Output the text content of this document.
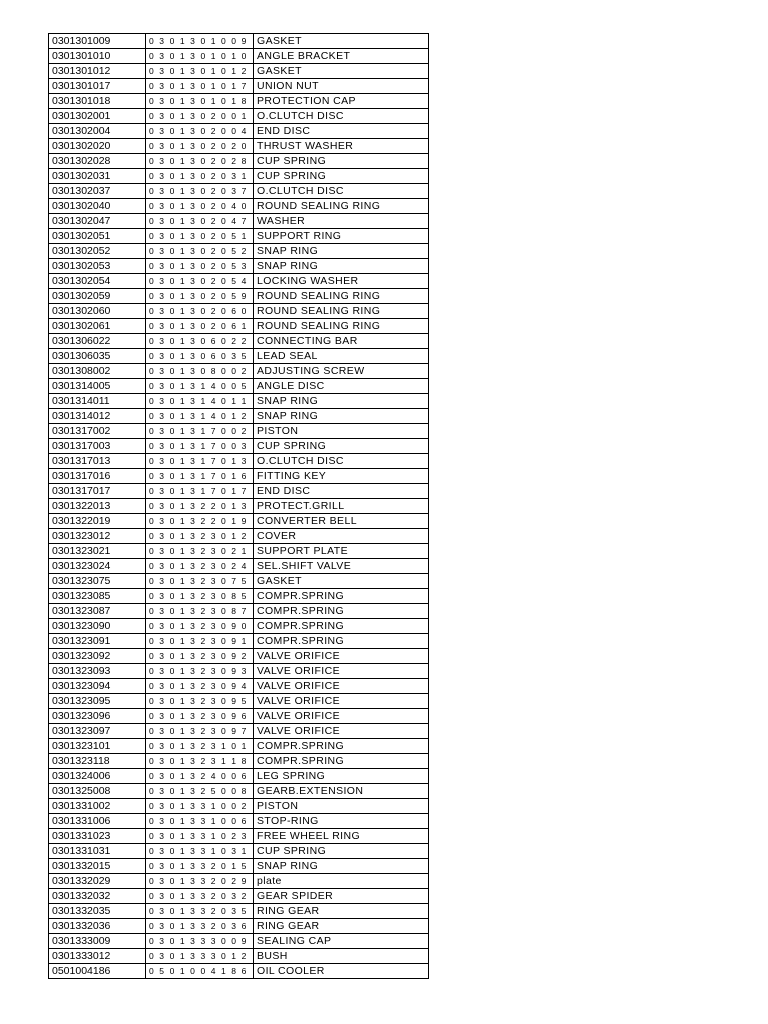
0301301009	0 3 0 1 3 0 1 0 0 9	GASKET
0301301010	0 3 0 1 3 0 1 0 1 0	ANGLE BRACKET
0301301012	0 3 0 1 3 0 1 0 1 2	GASKET
0301301017	0 3 0 1 3 0 1 0 1 7	UNION NUT
0301301018	0 3 0 1 3 0 1 0 1 8	PROTECTION CAP
0301302001	0 3 0 1 3 0 2 0 0 1	O.CLUTCH DISC
0301302004	0 3 0 1 3 0 2 0 0 4	END DISC
0301302020	0 3 0 1 3 0 2 0 2 0	THRUST WASHER
0301302028	0 3 0 1 3 0 2 0 2 8	CUP SPRING
0301302031	0 3 0 1 3 0 2 0 3 1	CUP SPRING
0301302037	0 3 0 1 3 0 2 0 3 7	O.CLUTCH DISC
0301302040	0 3 0 1 3 0 2 0 4 0	ROUND SEALING RING
0301302047	0 3 0 1 3 0 2 0 4 7	WASHER
0301302051	0 3 0 1 3 0 2 0 5 1	SUPPORT RING
0301302052	0 3 0 1 3 0 2 0 5 2	SNAP RING
0301302053	0 3 0 1 3 0 2 0 5 3	SNAP RING
0301302054	0 3 0 1 3 0 2 0 5 4	LOCKING WASHER
0301302059	0 3 0 1 3 0 2 0 5 9	ROUND SEALING RING
0301302060	0 3 0 1 3 0 2 0 6 0	ROUND SEALING RING
0301302061	0 3 0 1 3 0 2 0 6 1	ROUND SEALING RING
0301306022	0 3 0 1 3 0 6 0 2 2	CONNECTING BAR
0301306035	0 3 0 1 3 0 6 0 3 5	LEAD SEAL
0301308002	0 3 0 1 3 0 8 0 0 2	ADJUSTING SCREW
0301314005	0 3 0 1 3 1 4 0 0 5	ANGLE DISC
0301314011	0 3 0 1 3 1 4 0 1 1	SNAP RING
0301314012	0 3 0 1 3 1 4 0 1 2	SNAP RING
0301317002	0 3 0 1 3 1 7 0 0 2	PISTON
0301317003	0 3 0 1 3 1 7 0 0 3	CUP SPRING
0301317013	0 3 0 1 3 1 7 0 1 3	O.CLUTCH DISC
0301317016	0 3 0 1 3 1 7 0 1 6	FITTING KEY
0301317017	0 3 0 1 3 1 7 0 1 7	END DISC
0301322013	0 3 0 1 3 2 2 0 1 3	PROTECT.GRILL
0301322019	0 3 0 1 3 2 2 0 1 9	CONVERTER BELL
0301323012	0 3 0 1 3 2 3 0 1 2	COVER
0301323021	0 3 0 1 3 2 3 0 2 1	SUPPORT PLATE
0301323024	0 3 0 1 3 2 3 0 2 4	SEL.SHIFT VALVE
0301323075	0 3 0 1 3 2 3 0 7 5	GASKET
0301323085	0 3 0 1 3 2 3 0 8 5	COMPR.SPRING
0301323087	0 3 0 1 3 2 3 0 8 7	COMPR.SPRING
0301323090	0 3 0 1 3 2 3 0 9 0	COMPR.SPRING
0301323091	0 3 0 1 3 2 3 0 9 1	COMPR.SPRING
0301323092	0 3 0 1 3 2 3 0 9 2	VALVE ORIFICE
0301323093	0 3 0 1 3 2 3 0 9 3	VALVE ORIFICE
0301323094	0 3 0 1 3 2 3 0 9 4	VALVE ORIFICE
0301323095	0 3 0 1 3 2 3 0 9 5	VALVE ORIFICE
0301323096	0 3 0 1 3 2 3 0 9 6	VALVE ORIFICE
0301323097	0 3 0 1 3 2 3 0 9 7	VALVE ORIFICE
0301323101	0 3 0 1 3 2 3 1 0 1	COMPR.SPRING
0301323118	0 3 0 1 3 2 3 1 1 8	COMPR.SPRING
0301324006	0 3 0 1 3 2 4 0 0 6	LEG SPRING
0301325008	0 3 0 1 3 2 5 0 0 8	GEARB.EXTENSION
0301331002	0 3 0 1 3 3 1 0 0 2	PISTON
0301331006	0 3 0 1 3 3 1 0 0 6	STOP-RING
0301331023	0 3 0 1 3 3 1 0 2 3	FREE WHEEL RING
0301331031	0 3 0 1 3 3 1 0 3 1	CUP SPRING
0301332015	0 3 0 1 3 3 2 0 1 5	SNAP RING
0301332029	0 3 0 1 3 3 2 0 2 9	plate
0301332032	0 3 0 1 3 3 2 0 3 2	GEAR SPIDER
0301332035	0 3 0 1 3 3 2 0 3 5	RING GEAR
0301332036	0 3 0 1 3 3 2 0 3 6	RING GEAR
0301333009	0 3 0 1 3 3 3 0 0 9	SEALING CAP
0301333012	0 3 0 1 3 3 3 0 1 2	BUSH
0501004186	0 5 0 1 0 0 4 1 8 6	OIL COOLER
